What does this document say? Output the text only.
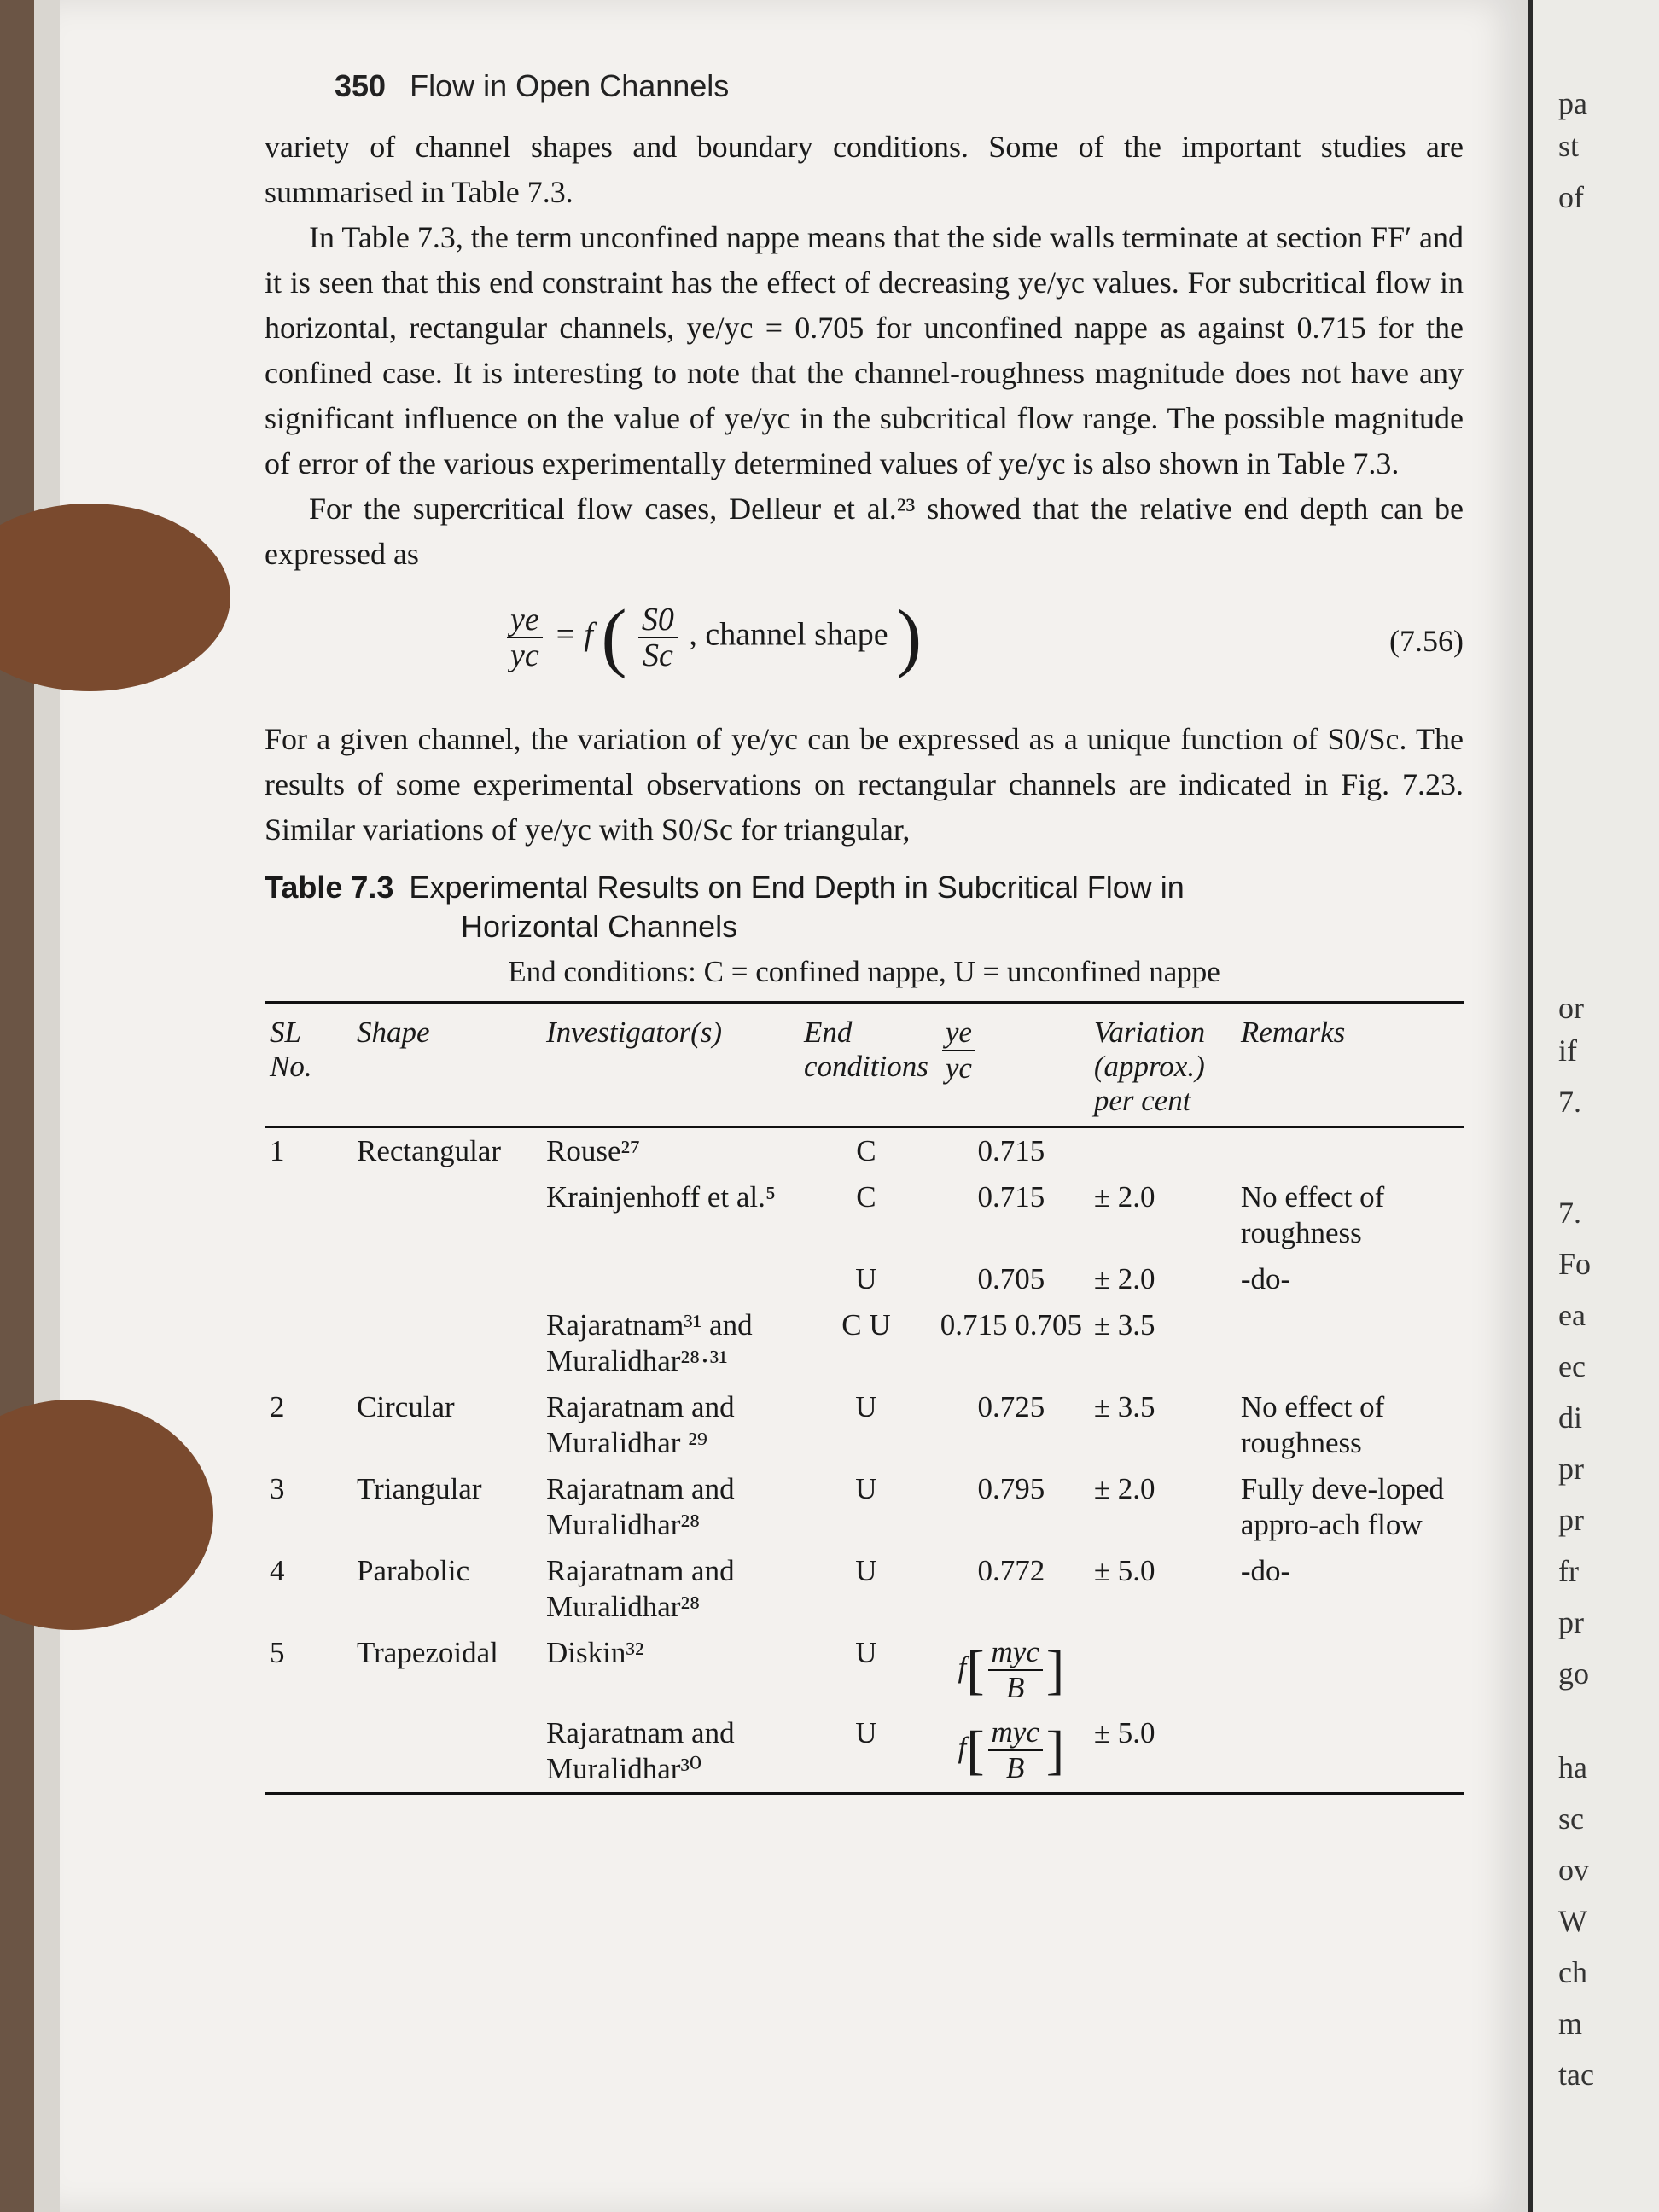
pa
st
of
or
if
7.
7.
Fo
ea
ec
di
pr
pr
fr
pr
go
ha
sc
ov
W
ch
m
tac
350 Flow in Open Channels

variety of channel shapes and boundary conditions. Some of the important studies are summarised in Table 7.3.

In Table 7.3, the term unconfined nappe means that the side walls terminate at section FF′ and it is seen that this end constraint has the effect of decreasing ye/yc values. For subcritical flow in horizontal, rectangular channels, ye/yc = 0.705 for unconfined nappe as against 0.715 for the confined case. It is interesting to note that the channel-roughness magnitude does not have any significant influence on the value of ye/yc in the subcritical flow range. The possible magnitude of error of the various experimentally determined values of ye/yc is also shown in Table 7.3.

For the supercritical flow cases, Delleur et al.²³ showed that the relative end depth can be expressed as

$\frac{ye}{yc} = f$ ( $\frac{S0}{Sc}$ , channel shape )	(7.56)

For a given channel, the variation of ye/yc can be expressed as a unique function of S0/Sc. The results of some experimental observations on rectangular channels are indicated in Fig. 7.23. Similar variations of ye/yc with S0/Sc for triangular,

Table 7.3 Experimental Results on End Depth in Subcritical Flow in
Horizontal Channels
End conditions: C = confined nappe, U = unconfined nappe
SL No.	Shape	Investigator(s)	End conditions	$\frac{ye}{yc}$	Variation (approx.) per cent	Remarks
1	Rectangular	Rouse²⁷	C	0.715		
		Krainjenhoff et al.⁵	C	0.715	± 2.0	No effect of roughness
			U	0.705	± 2.0	-do-
		Rajaratnam³¹ and Muralidhar²⁸·³¹	C U	0.715 0.705	± 3.5	
2	Circular	Rajaratnam and Muralidhar ²⁹	U	0.725	± 3.5	No effect of roughness
3	Triangular	Rajaratnam and Muralidhar²⁸	U	0.795	± 2.0	Fully deve-loped appro-ach flow
4	Parabolic	Rajaratnam and Muralidhar²⁸	U	0.772	± 5.0	-do-
5	Trapezoidal	Diskin³²	U	$f[ \frac{\text{myc}}{B}$ ]		
		Rajaratnam and Muralidhar³⁰	U	$f[ \frac{\text{myc}}{B}$ ]	± 5.0	
